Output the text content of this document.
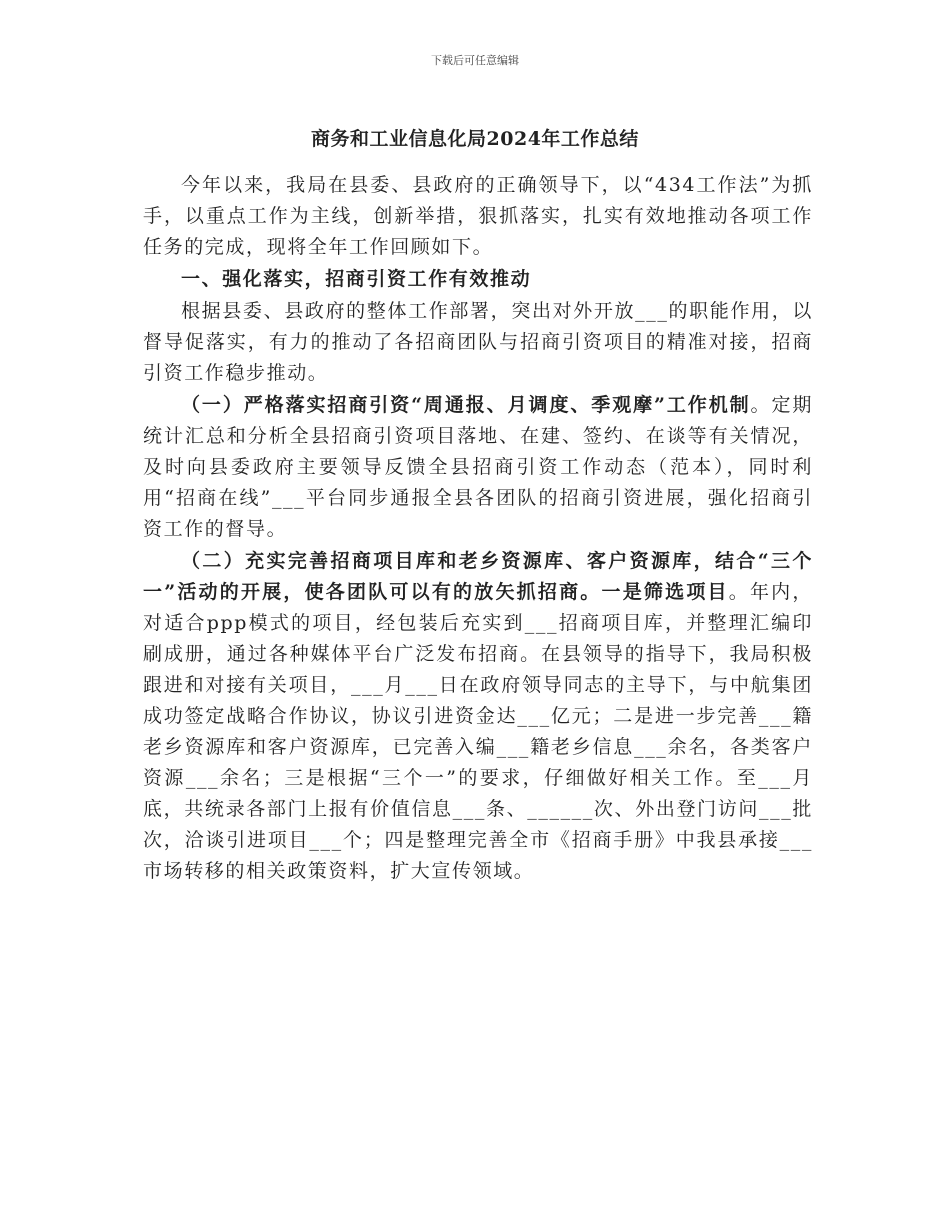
下载后可任意编辑
商务和工业信息化局2024年工作总结

今年以来，我局在县委、县政府的正确领导下，以“434工作法”为抓手，以重点工作为主线，创新举措，狠抓落实，扎实有效地推动各项工作任务的完成，现将全年工作回顾如下。

一、强化落实，招商引资工作有效推动

根据县委、县政府的整体工作部署，突出对外开放___的职能作用，以督导促落实，有力的推动了各招商团队与招商引资项目的精准对接，招商引资工作稳步推动。

（一）严格落实招商引资“周通报、月调度、季观摩”工作机制。定期统计汇总和分析全县招商引资项目落地、在建、签约、在谈等有关情况，及时向县委政府主要领导反馈全县招商引资工作动态（范本），同时利用“招商在线”___平台同步通报全县各团队的招商引资进展，强化招商引资工作的督导。

（二）充实完善招商项目库和老乡资源库、客户资源库，结合“三个一”活动的开展，使各团队可以有的放矢抓招商。一是筛选项目。年内，对适合ppp模式的项目，经包装后充实到___招商项目库，并整理汇编印刷成册，通过各种媒体平台广泛发布招商。在县领导的指导下，我局积极跟进和对接有关项目，___月___日在政府领导同志的主导下，与中航集团成功签定战略合作协议，协议引进资金达___亿元；二是进一步完善___籍老乡资源库和客户资源库，已完善入编___籍老乡信息___余名，各类客户资源___余名；三是根据“三个一”的要求，仔细做好相关工作。至___月底，共统录各部门上报有价值信息___条、______次、外出登门访问___批次，洽谈引进项目___个；四是整理完善全市《招商手册》中我县承接___市场转移的相关政策资料，扩大宣传领域。
